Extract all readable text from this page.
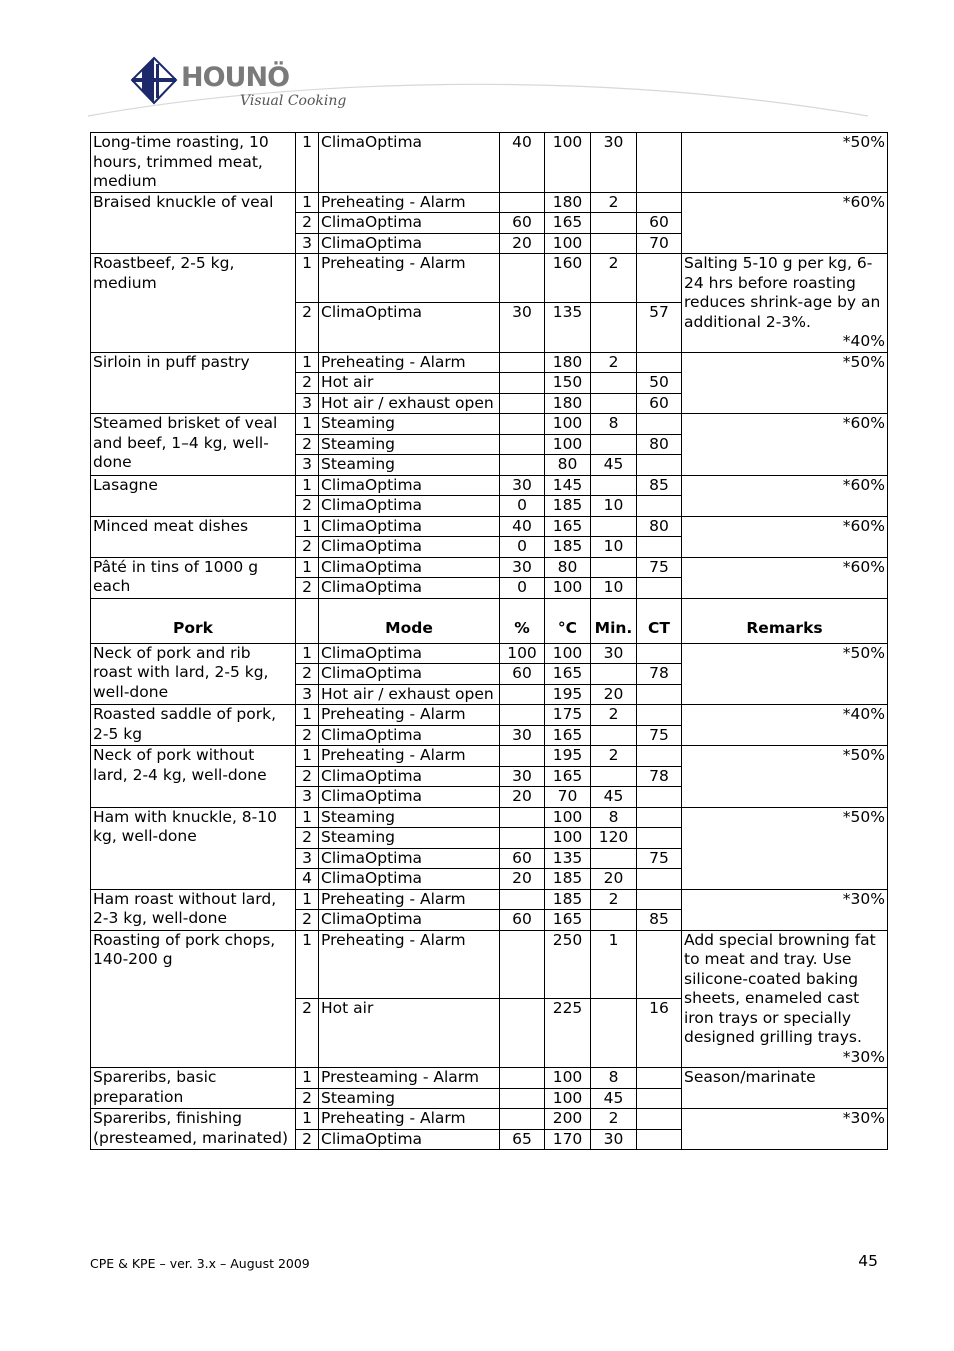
HOUNÖ
Visual Cooking
Long-time roasting, 10 hours, trimmed meat, medium	1	ClimaOptima	40	100	30		*50%

Braised knuckle of veal	1	Preheating - Alarm		180	2		*60%

	2	ClimaOptima	60	165		60	
	3	ClimaOptima	20	100		70	
Roastbeef, 2-5 kg, medium	1	Preheating - Alarm		160	2		Salting 5-10 g per kg, 6-24 hrs before roasting reduces shrink-age by an additional 2-3%.
*40%

	2	ClimaOptima	30	135		57	
Sirloin in puff pastry	1	Preheating - Alarm		180	2		*50%

	2	Hot air		150		50	
	3	Hot air / exhaust open		180		60	
Steamed brisket of veal and beef, 1–4 kg, well-done	1	Steaming		100	8		*60%

	2	Steaming		100		80	
	3	Steaming		80	45		
Lasagne	1	ClimaOptima	30	145		85	*60%

	2	ClimaOptima	0	185	10		
Minced meat dishes	1	ClimaOptima	40	165		80	*60%

	2	ClimaOptima	0	185	10		
Pâté in tins of 1000 g each	1	ClimaOptima	30	80		75	*60%

	2	ClimaOptima	0	100	10		
Pork		Mode	%	°C	Min.	CT	Remarks
Neck of pork and rib roast with lard, 2-5 kg, well-done	1	ClimaOptima	100	100	30		*50%

	2	ClimaOptima	60	165		78	
	3	Hot air / exhaust open		195	20		
Roasted saddle of pork, 2-5 kg	1	Preheating - Alarm		175	2		*40%

	2	ClimaOptima	30	165		75	
Neck of pork without lard, 2-4 kg, well-done	1	Preheating - Alarm		195	2		*50%

	2	ClimaOptima	30	165		78	
	3	ClimaOptima	20	70	45		
Ham with knuckle, 8-10 kg, well-done	1	Steaming		100	8		*50%

	2	Steaming		100	120		
	3	ClimaOptima	60	135		75	
	4	ClimaOptima	20	185	20		
Ham roast without lard, 2-3 kg, well-done	1	Preheating - Alarm		185	2		*30%

	2	ClimaOptima	60	165		85	
Roasting of pork chops, 140-200 g	1	Preheating - Alarm		250	1		Add special browning fat to meat and tray. Use silicone-coated baking sheets, enameled cast iron trays or specially designed grilling trays.
*30%

	2	Hot air		225		16	
Spareribs, basic preparation	1	Presteaming - Alarm		100	8		Season/marinate

	2	Steaming		100	45		
Spareribs, finishing (presteamed, marinated)	1	Preheating - Alarm		200	2		*30%

	2	ClimaOptima	65	170	30		
CPE & KPE – ver. 3.x – August 2009	45
